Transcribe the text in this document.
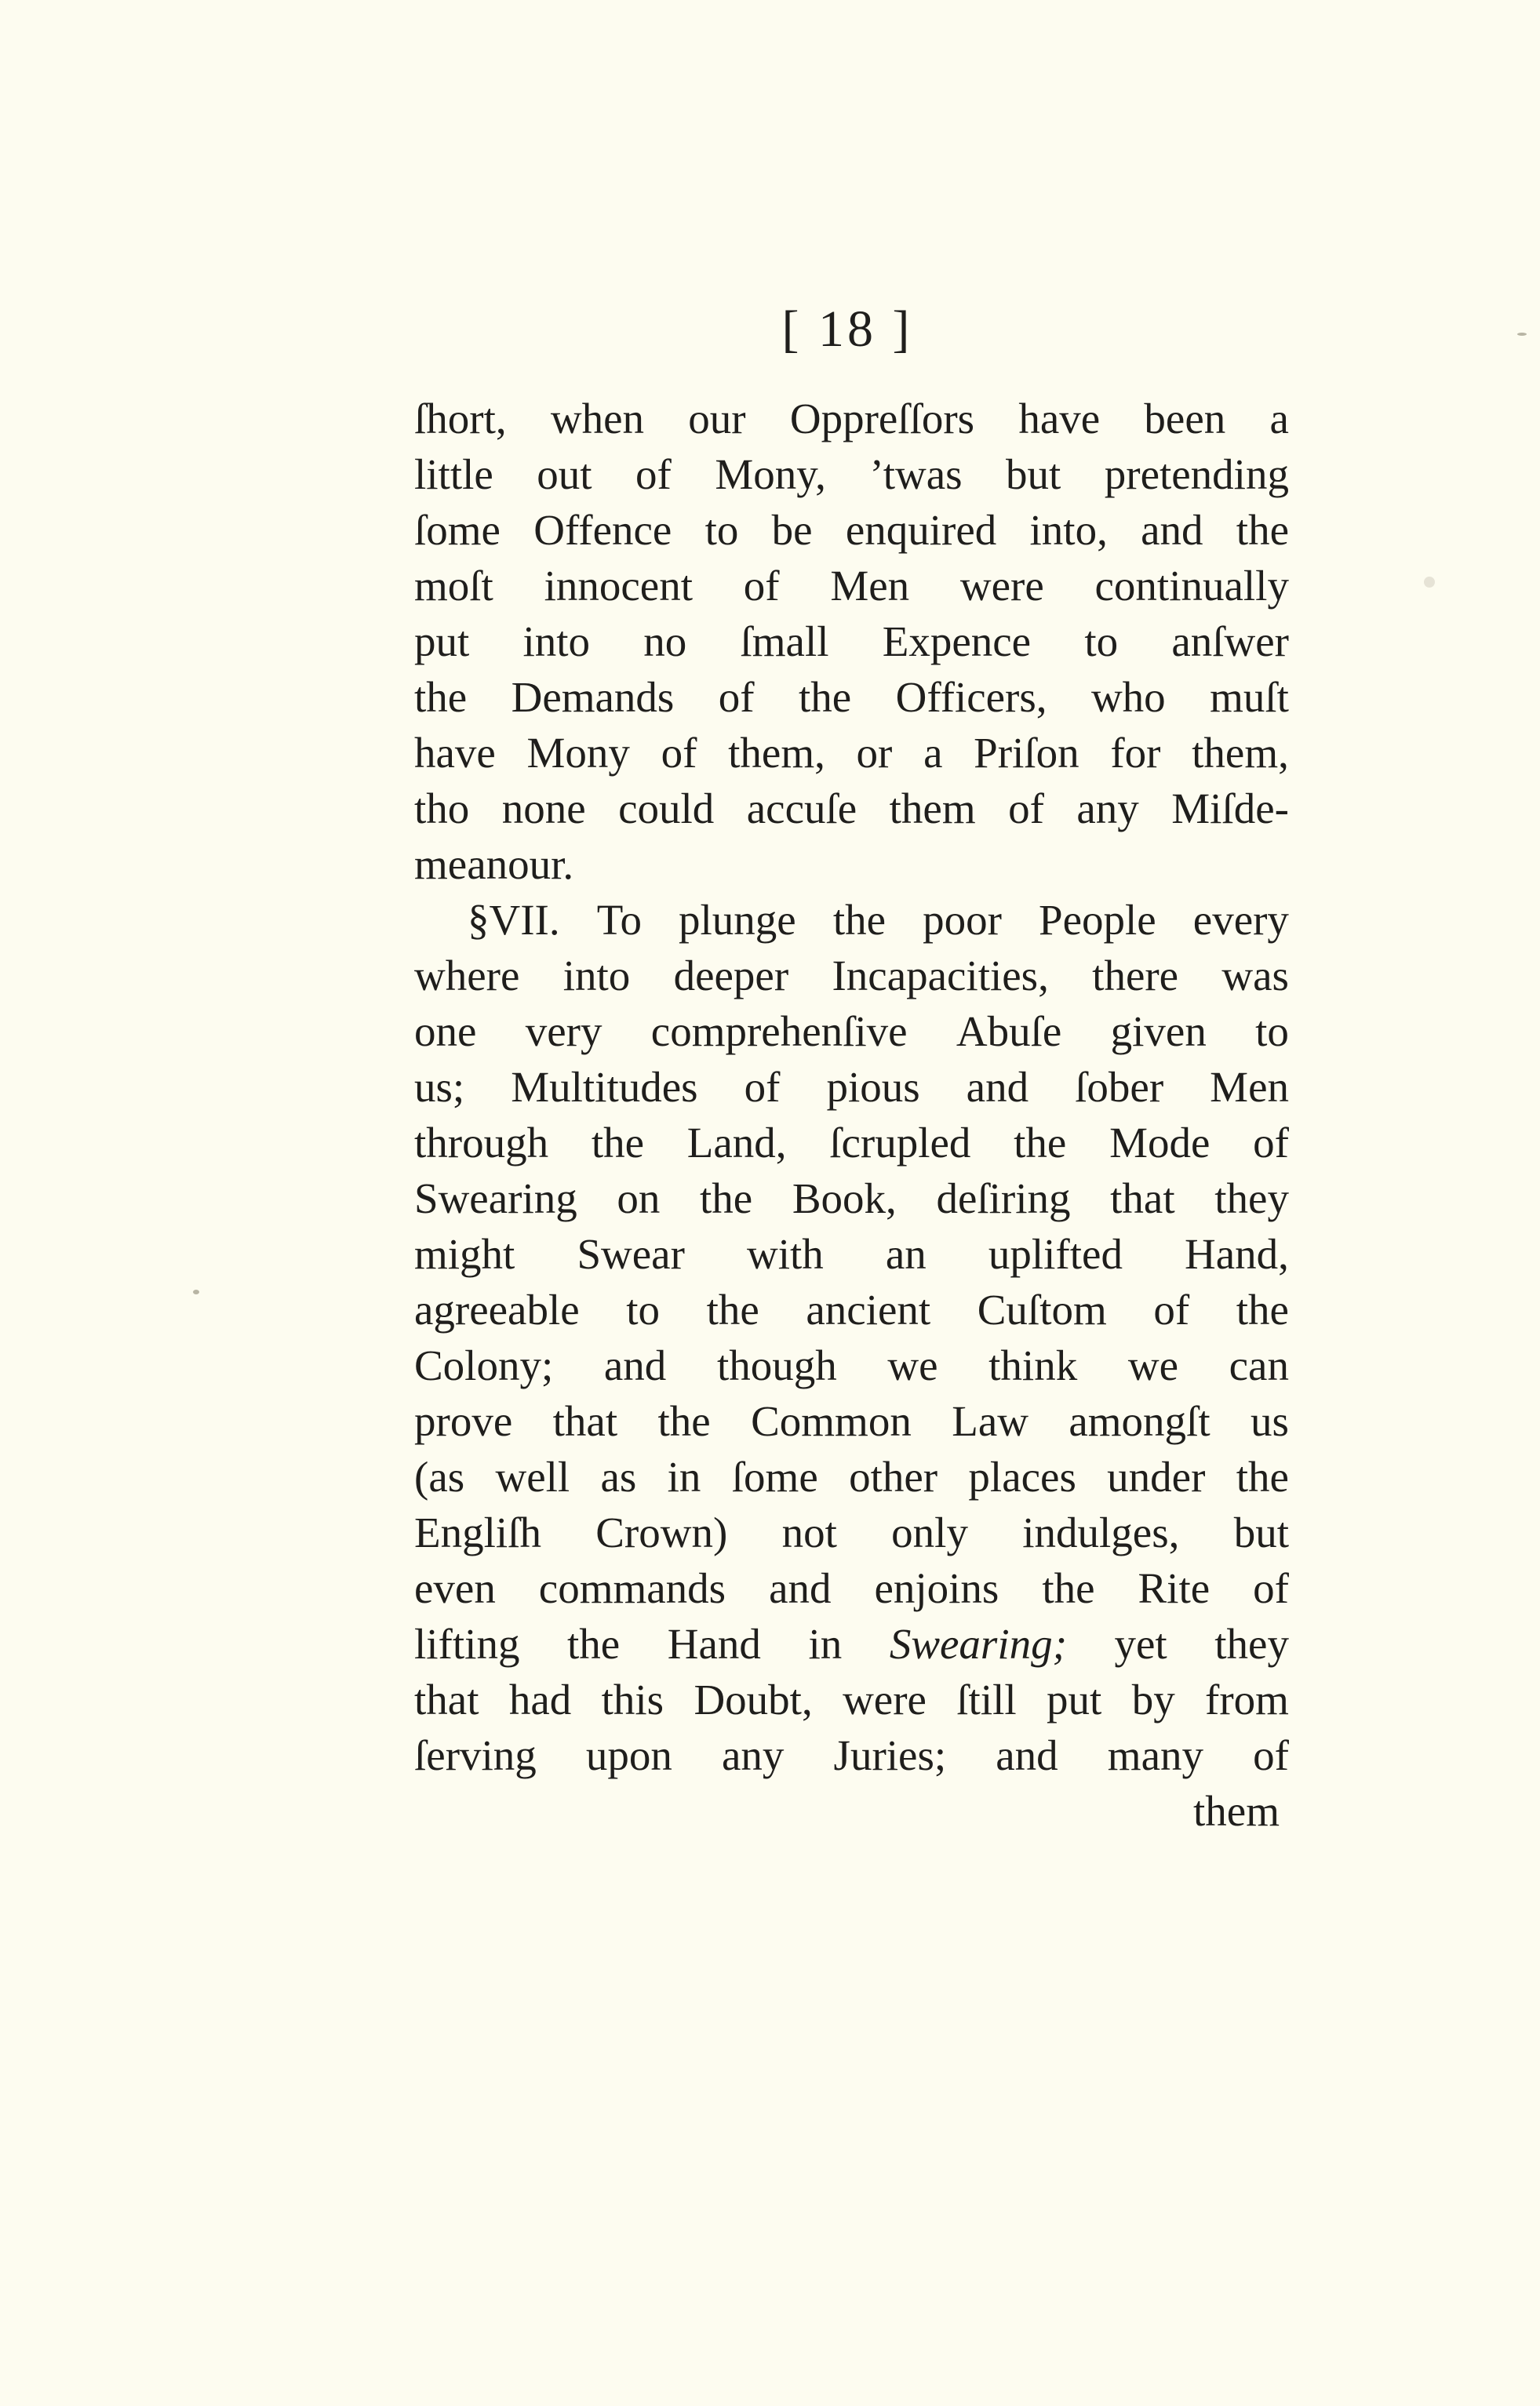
[ 18 ]
ſhort, when our Oppreſſors have been a
little out of Mony, ’twas but pretending
ſome Offence to be enquired into, and the
moſt innocent of Men were continually
put into no ſmall Expence to anſwer
the Demands of the Officers, who muſt
have Mony of them, or a Priſon for them,
tho none could accuſe them of any Miſde-
meanour.
§VII. To plunge the poor People every
where into deeper Incapacities, there was
one very comprehenſive Abuſe given to
us; Multitudes of pious and ſober Men
through the Land, ſcrupled the Mode of
Swearing on the Book, deſiring that they
might Swear with an uplifted Hand,
agreeable to the ancient Cuſtom of the
Colony; and though we think we can
prove that the Common Law amongſt us
(as well as in ſome other places under the
Engliſh Crown) not only indulges, but
even commands and enjoins the Rite of
lifting the Hand in Swearing; yet they
that had this Doubt, were ſtill put by from
ſerving upon any Juries; and many of
them
